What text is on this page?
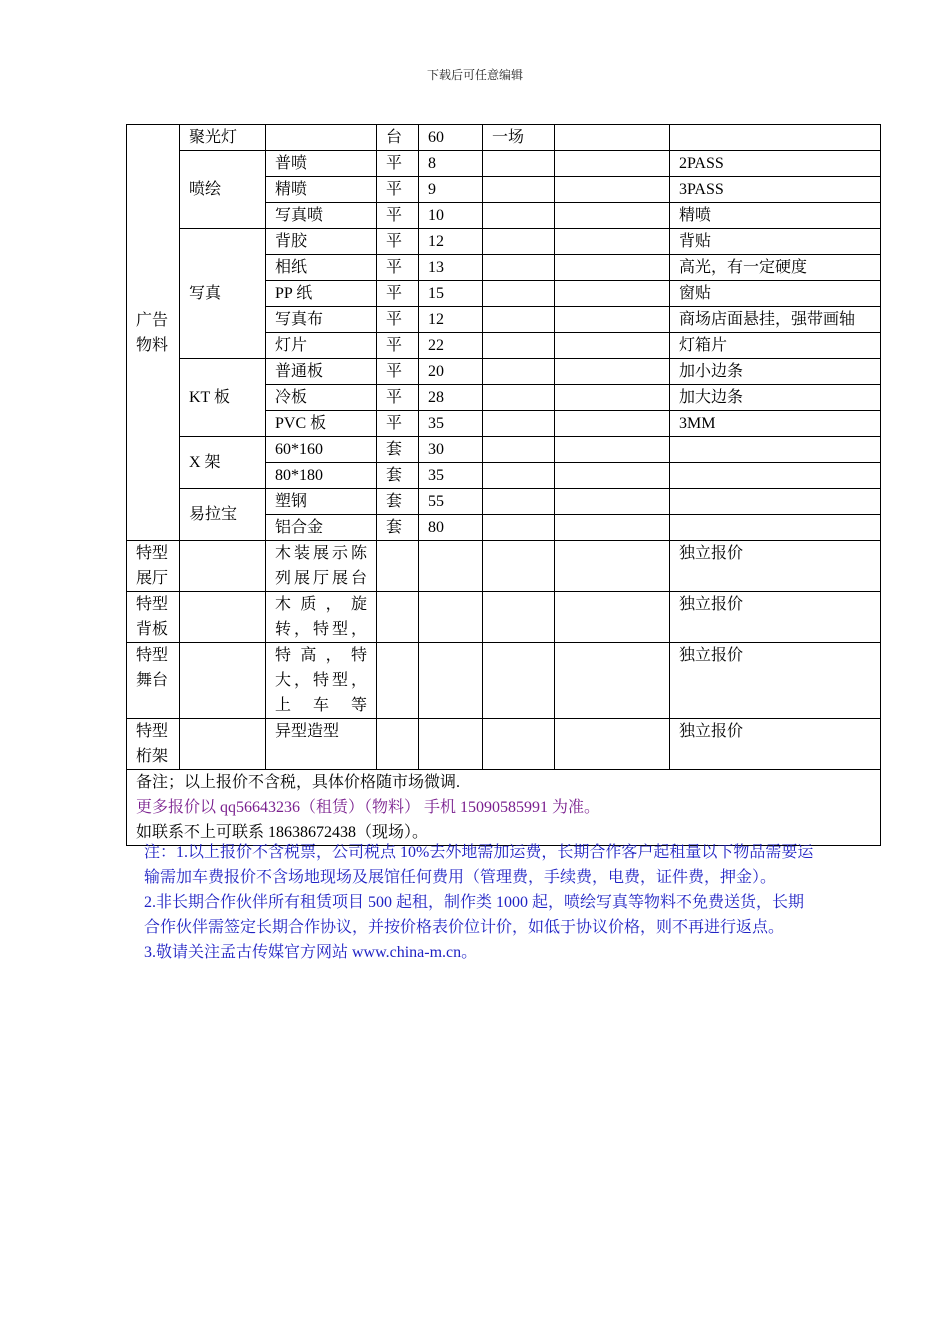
下载后可任意编辑
广告物料	聚光灯		台	60	一场		
	喷绘	普喷	平	8			2PASS
		精喷	平	9			3PASS
		写真喷	平	10			精喷
	写真	背胶	平	12			背贴
		相纸	平	13			高光，有一定硬度
		PP 纸	平	15			窗贴
		写真布	平	12			商场店面悬挂，强带画轴
		灯片	平	22			灯箱片
	KT 板	普通板	平	20			加小边条
		冷板	平	28			加大边条
		PVC 板	平	35			3MM
	X 架	60*160	套	30			
		80*180	套	35			
	易拉宝	塑钢	套	55			
		铝合金	套	80			
特型展厅		木装展示陈列展厅展台					独立报价
特型背板		木质，旋转，特型，					独立报价
特型舞台		特高，特大，特型，上车等					独立报价
特型桁架		异型造型					独立报价

备注；以上报价不含税，具体价格随市场微调.
更多报价以 qq56643236（租赁）（物料） 手机 15090585991 为准。
如联系不上可联系 18638672438（现场）。							

注：1.以上报价不含税票，公司税点 10%去外地需加运费，长期合作客户起租量以下物品需要运输需加车费报价不含场地现场及展馆任何费用（管理费，手续费，电费，证件费，押金）。

2.非长期合作伙伴所有租赁项目 500 起租，制作类 1000 起，喷绘写真等物料不免费送货，长期合作伙伴需签定长期合作协议，并按价格表价位计价，如低于协议价格，则不再进行返点。

3.敬请关注孟古传媒官方网站 www.china-m.cn。
